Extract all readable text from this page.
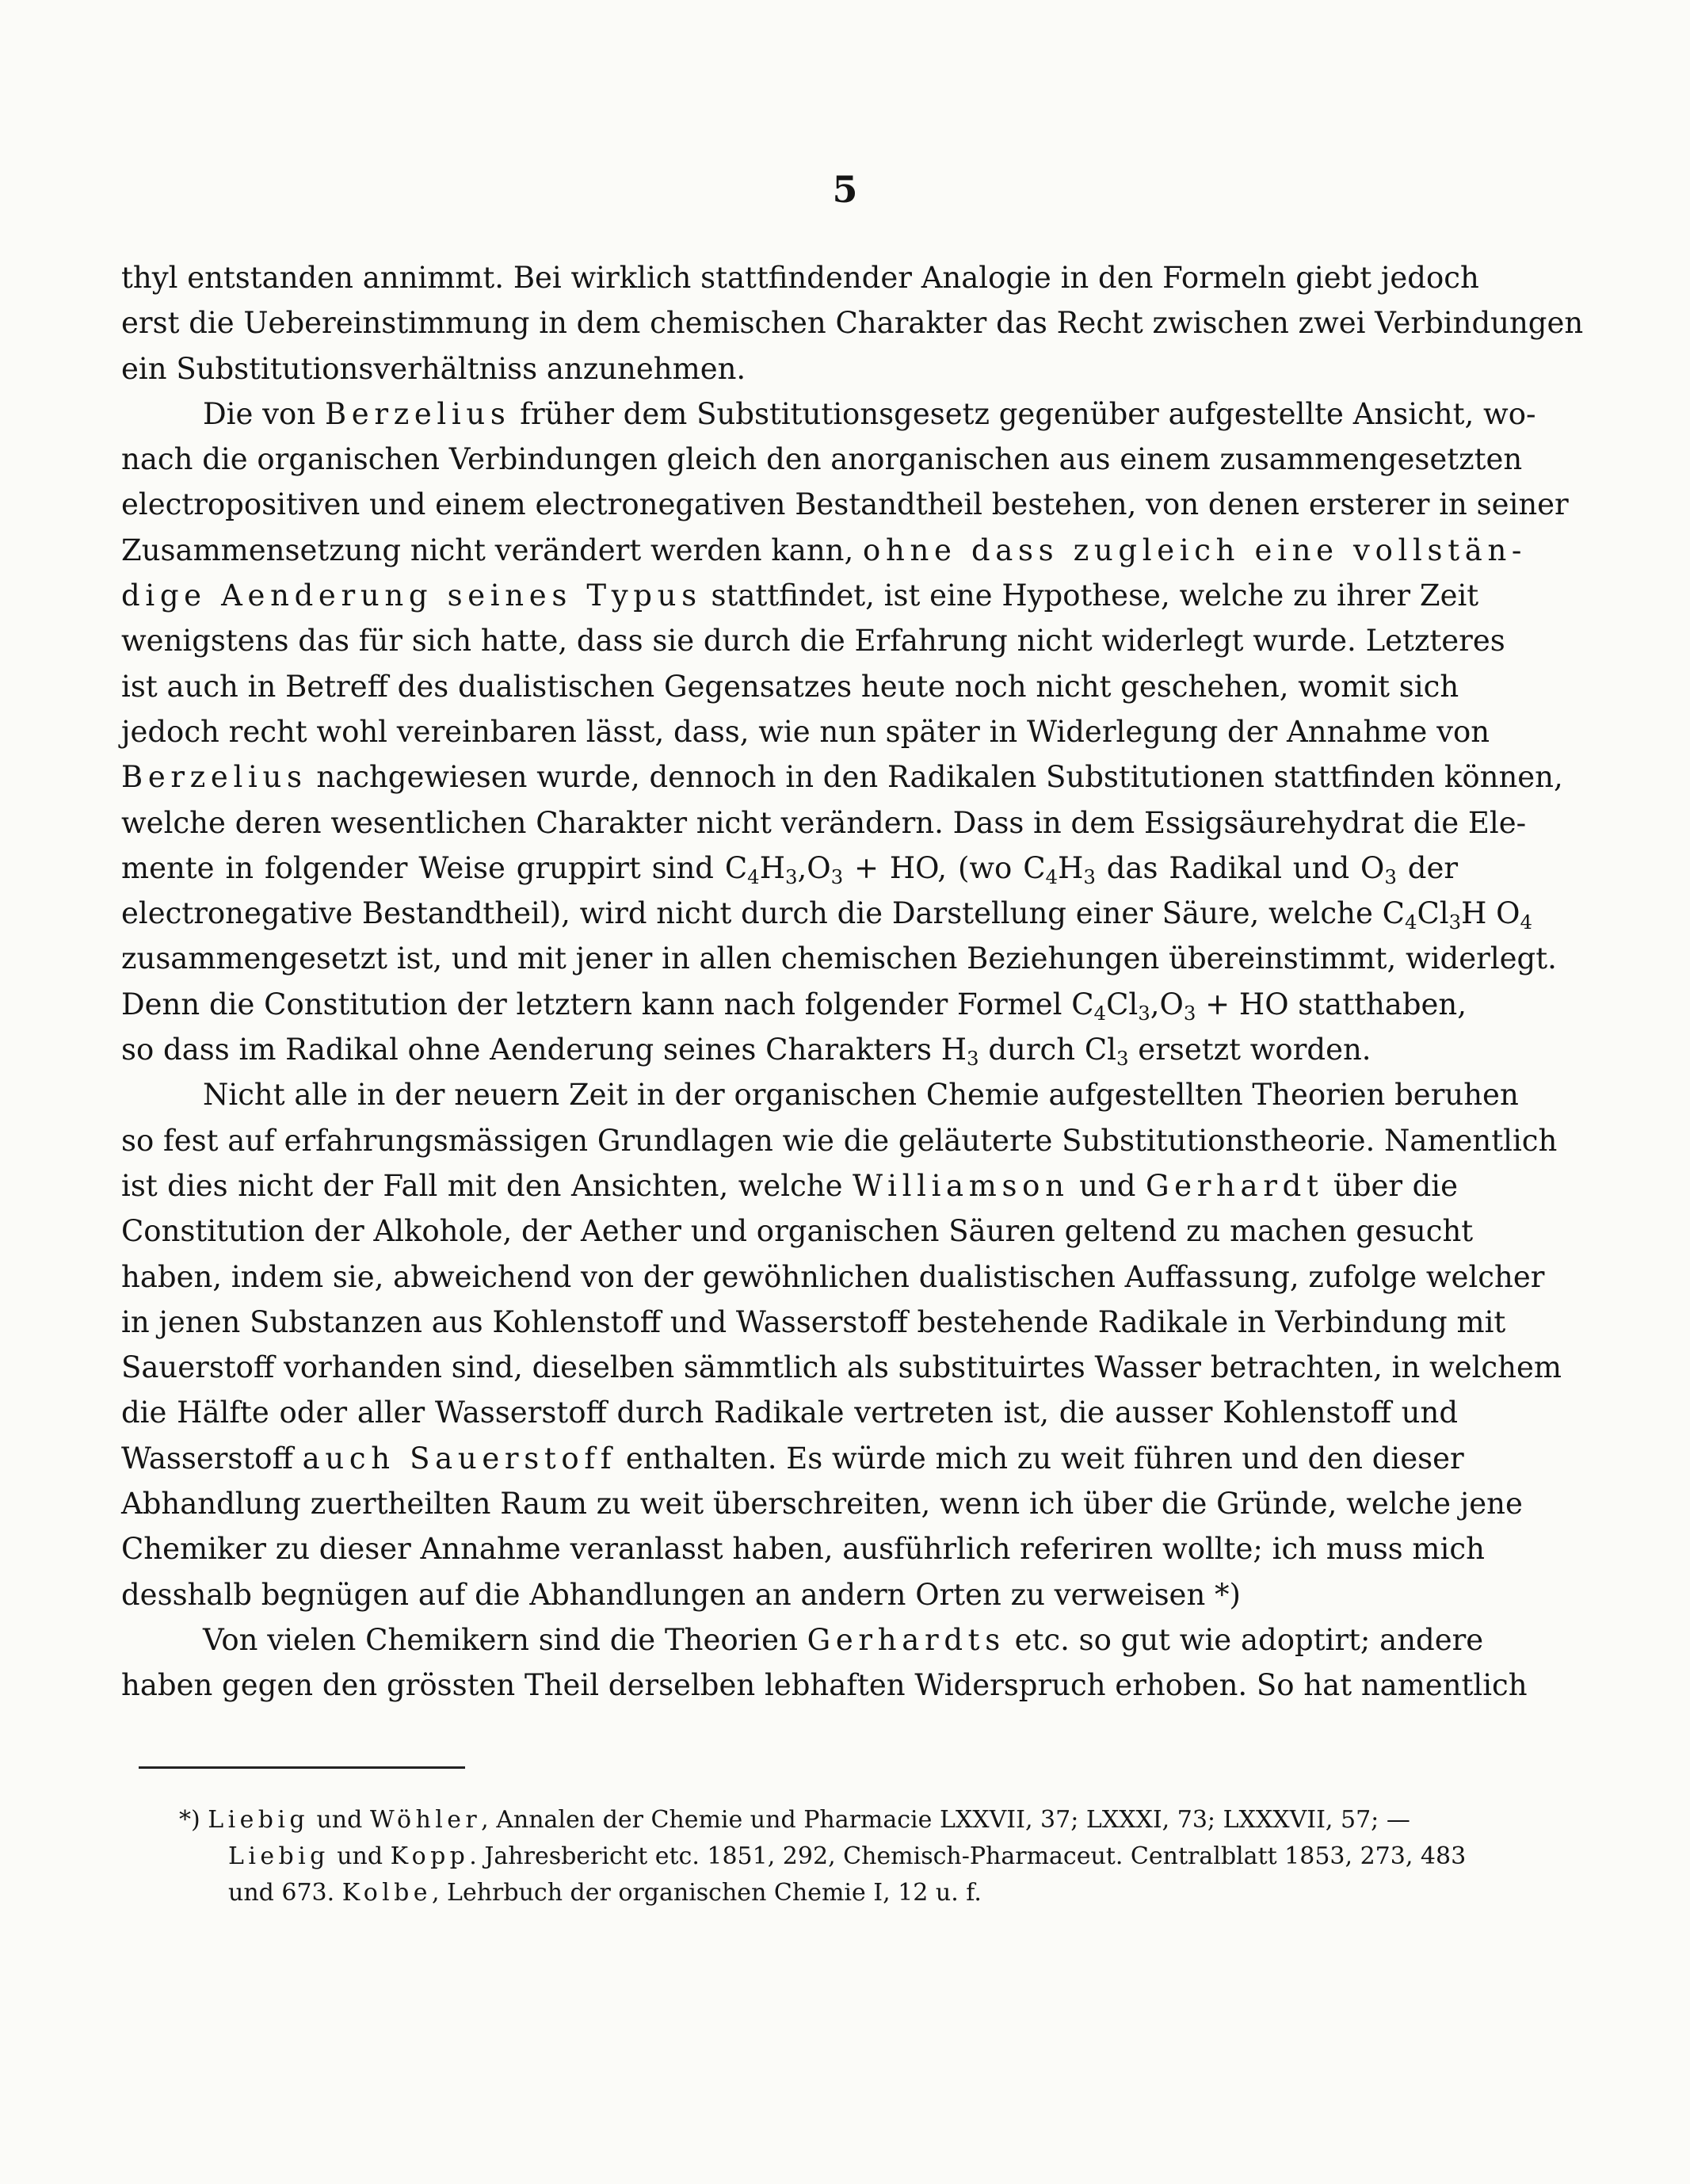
5
thyl entstanden annimmt. Bei wirklich stattfindender Analogie in den Formeln giebt jedoch
erst die Uebereinstimmung in dem chemischen Charakter das Recht zwischen zwei Verbindungen
ein Substitutionsverhältniss anzunehmen.
Die von Berzelius früher dem Substitutionsgesetz gegenüber aufgestellte Ansicht, wo-
nach die organischen Verbindungen gleich den anorganischen aus einem zusammengesetzten
electropositiven und einem electronegativen Bestandtheil bestehen, von denen ersterer in seiner
Zusammensetzung nicht verändert werden kann, ohne dass zugleich eine vollstän-
dige Aenderung seines Typus stattfindet, ist eine Hypothese, welche zu ihrer Zeit
wenigstens das für sich hatte, dass sie durch die Erfahrung nicht widerlegt wurde. Letzteres
ist auch in Betreff des dualistischen Gegensatzes heute noch nicht geschehen, womit sich
jedoch recht wohl vereinbaren lässt, dass, wie nun später in Widerlegung der Annahme von
Berzelius nachgewiesen wurde, dennoch in den Radikalen Substitutionen stattfinden können,
welche deren wesentlichen Charakter nicht verändern. Dass in dem Essigsäurehydrat die Ele-
mente in folgender Weise gruppirt sind $C_4H_3,O_3$ + HO, (wo $C_4H_3$ das Radikal und $O_3$ der
electronegative Bestandtheil), wird nicht durch die Darstellung einer Säure, welche $C_4Cl_3H$ $O_4$
zusammengesetzt ist, und mit jener in allen chemischen Beziehungen übereinstimmt, widerlegt.
Denn die Constitution der letztern kann nach folgender Formel $C_4Cl_3,O_3$ + HO statthaben,
so dass im Radikal ohne Aenderung seines Charakters $H_3$ durch $Cl_3$ ersetzt worden.
Nicht alle in der neuern Zeit in der organischen Chemie aufgestellten Theorien beruhen
so fest auf erfahrungsmässigen Grundlagen wie die geläuterte Substitutionstheorie. Namentlich
ist dies nicht der Fall mit den Ansichten, welche Williamson und Gerhardt über die
Constitution der Alkohole, der Aether und organischen Säuren geltend zu machen gesucht
haben, indem sie, abweichend von der gewöhnlichen dualistischen Auffassung, zufolge welcher
in jenen Substanzen aus Kohlenstoff und Wasserstoff bestehende Radikale in Verbindung mit
Sauerstoff vorhanden sind, dieselben sämmtlich als substituirtes Wasser betrachten, in welchem
die Hälfte oder aller Wasserstoff durch Radikale vertreten ist, die ausser Kohlenstoff und
Wasserstoff auch Sauerstoff enthalten. Es würde mich zu weit führen und den dieser
Abhandlung zuertheilten Raum zu weit überschreiten, wenn ich über die Gründe, welche jene
Chemiker zu dieser Annahme veranlasst haben, ausführlich referiren wollte; ich muss mich
desshalb begnügen auf die Abhandlungen an andern Orten zu verweisen *)
Von vielen Chemikern sind die Theorien Gerhardts etc. so gut wie adoptirt; andere
haben gegen den grössten Theil derselben lebhaften Widerspruch erhoben. So hat namentlich
*) Liebig und Wöhler, Annalen der Chemie und Pharmacie LXXVII, 37; LXXXI, 73; LXXXVII, 57; —
Liebig und Kopp. Jahresbericht etc. 1851, 292, Chemisch-Pharmaceut. Centralblatt 1853, 273, 483
und 673. Kolbe, Lehrbuch der organischen Chemie I, 12 u. f.
